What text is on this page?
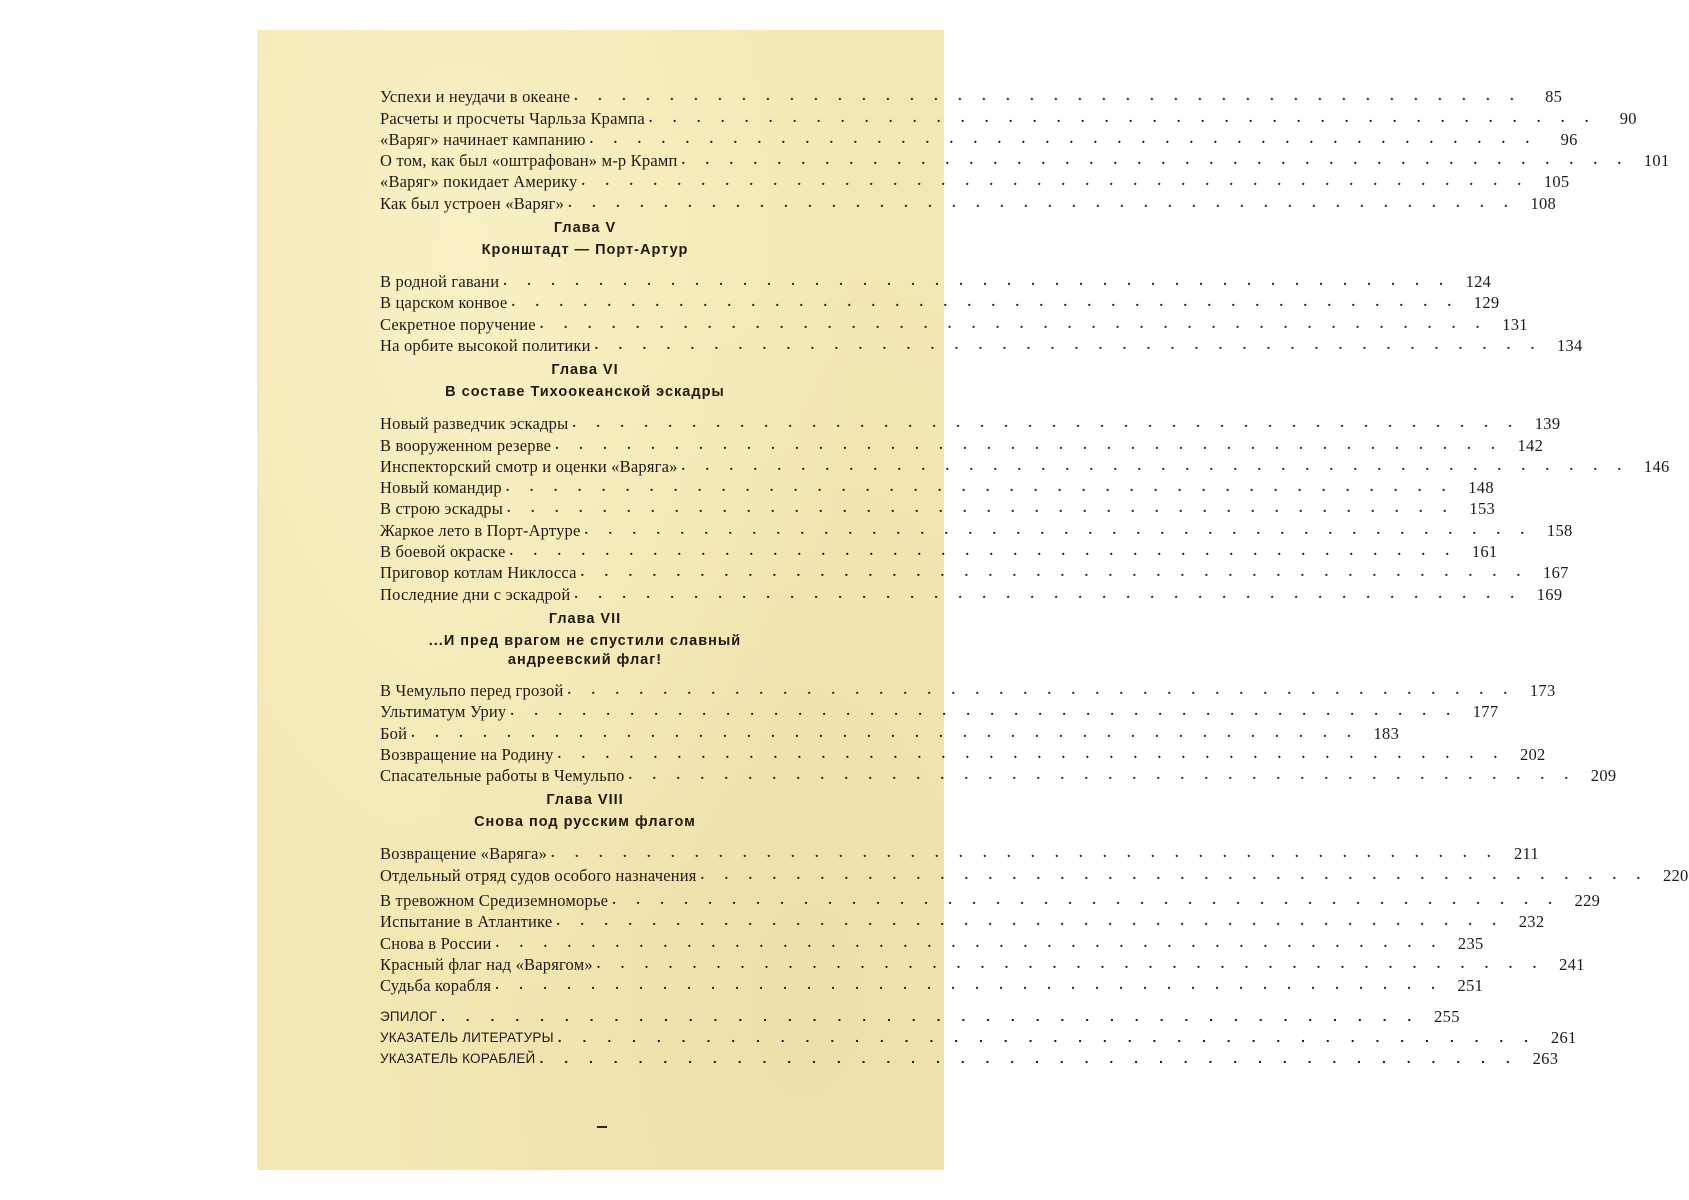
Успехи и неудачи в океане . . . . . . . . . . . . . . . . . . . . . . . . . . . . . . . . . . . . . . . .	85
Расчеты и просчеты Чарльза Крампа . . . . . . . . . . . . . . . . . . . . . . . . . . . . . . . . . . . . . . . .	90
«Варяг» начинает кампанию . . . . . . . . . . . . . . . . . . . . . . . . . . . . . . . . . . . . . . . .	96
О том, как был «оштрафован» м-р Крамп . . . . . . . . . . . . . . . . . . . . . . . . . . . . . . . . . . . . . . . . 101
«Варяг» покидает Америку . . . . . . . . . . . . . . . . . . . . . . . . . . . . . . . . . . . . . . . . 105
Как был устроен «Варяг» . . . . . . . . . . . . . . . . . . . . . . . . . . . . . . . . . . . . . . . . 108
Глава V
Кронштадт — Порт-Артур
В родной гавани . . . . . . . . . . . . . . . . . . . . . . . . . . . . . . . . . . . . . . . . 124
В царском конвое . . . . . . . . . . . . . . . . . . . . . . . . . . . . . . . . . . . . . . . . 129
Секретное поручение . . . . . . . . . . . . . . . . . . . . . . . . . . . . . . . . . . . . . . . . 131
На орбите высокой политики . . . . . . . . . . . . . . . . . . . . . . . . . . . . . . . . . . . . . . . . 134
Глава VI
В составе Тихоокеанской эскадры
Новый разведчик эскадры . . . . . . . . . . . . . . . . . . . . . . . . . . . . . . . . . . . . . . . . 139
В вооруженном резерве . . . . . . . . . . . . . . . . . . . . . . . . . . . . . . . . . . . . . . . . 142
Инспекторский смотр и оценки «Варяга» . . . . . . . . . . . . . . . . . . . . . . . . . . . . . . . . . . . . . . . . 146
Новый командир . . . . . . . . . . . . . . . . . . . . . . . . . . . . . . . . . . . . . . . . 148
В строю эскадры . . . . . . . . . . . . . . . . . . . . . . . . . . . . . . . . . . . . . . . . 153
Жаркое лето в Порт-Артуре . . . . . . . . . . . . . . . . . . . . . . . . . . . . . . . . . . . . . . . . 158
В боевой окраске . . . . . . . . . . . . . . . . . . . . . . . . . . . . . . . . . . . . . . . . 161
Приговор котлам Никлосса . . . . . . . . . . . . . . . . . . . . . . . . . . . . . . . . . . . . . . . . 167
Последние дни с эскадрой . . . . . . . . . . . . . . . . . . . . . . . . . . . . . . . . . . . . . . . . 169
Глава VII
...И пред врагом не спустили славный
андреевский флаг!
В Чемульпо перед грозой . . . . . . . . . . . . . . . . . . . . . . . . . . . . . . . . . . . . . . . . 173
Ультиматум Уриу . . . . . . . . . . . . . . . . . . . . . . . . . . . . . . . . . . . . . . . . 177
Бой . . . . . . . . . . . . . . . . . . . . . . . . . . . . . . . . . . . . . . . . 183
Возвращение на Родину . . . . . . . . . . . . . . . . . . . . . . . . . . . . . . . . . . . . . . . . 202
Спасательные работы в Чемульпо . . . . . . . . . . . . . . . . . . . . . . . . . . . . . . . . . . . . . . . . 209
Глава VIII
Снова под русским флагом
Возвращение «Варяга» . . . . . . . . . . . . . . . . . . . . . . . . . . . . . . . . . . . . . . . . 211
Отдельный отряд судов особого назначения . . . . . . . . . . . . . . . . . . . . . . . . . . . . . . . . . . . . . . . . 220
В тревожном Средиземноморье . . . . . . . . . . . . . . . . . . . . . . . . . . . . . . . . . . . . . . . . 229
Испытание в Атлантике . . . . . . . . . . . . . . . . . . . . . . . . . . . . . . . . . . . . . . . . 232
Снова в России . . . . . . . . . . . . . . . . . . . . . . . . . . . . . . . . . . . . . . . . 235
Красный флаг над «Варягом» . . . . . . . . . . . . . . . . . . . . . . . . . . . . . . . . . . . . . . . . 241
Судьба корабля . . . . . . . . . . . . . . . . . . . . . . . . . . . . . . . . . . . . . . . . 251
ЭПИЛОГ . . . . . . . . . . . . . . . . . . . . . . . . . . . . . . . . . . . . . . . . 255
УКАЗАТЕЛЬ ЛИТЕРАТУРЫ . . . . . . . . . . . . . . . . . . . . . . . . . . . . . . . . . . . . . . . . 261
УКАЗАТЕЛЬ КОРАБЛЕЙ . . . . . . . . . . . . . . . . . . . . . . . . . . . . . . . . . . . . . . . . 263
